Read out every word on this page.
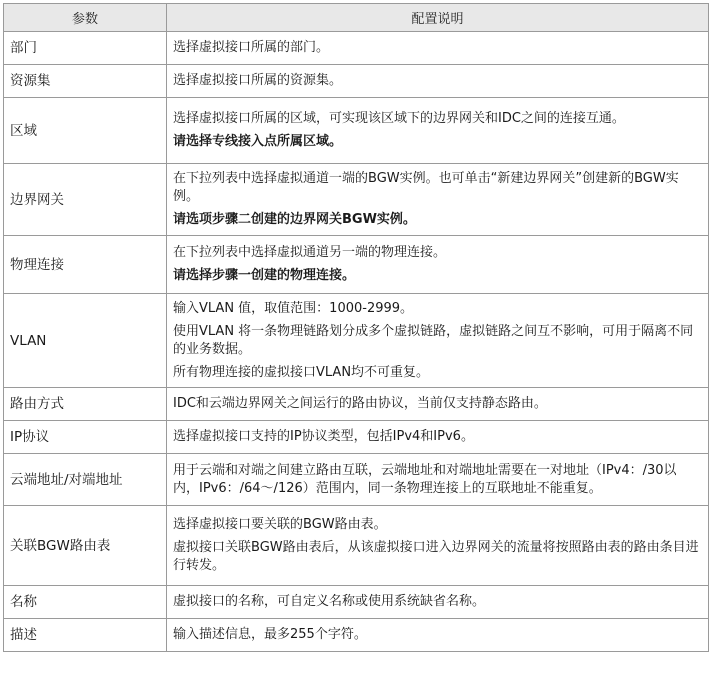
参数	配置说明
部门	选择虚拟接口所属的部门。

资源集	选择虚拟接口所属的资源集。

区域	选择虚拟接口所属的区域，可实现该区域下的边界网关和IDC之间的连接互通。
请选择专线接入点所属区域。

边界网关	在下拉列表中选择虚拟通道一端的BGW实例。也可单击“新建边界网关”创建新的BGW实例。
请选项步骤二创建的边界网关BGW实例。

物理连接	在下拉列表中选择虚拟通道另一端的物理连接。
请选择步骤一创建的物理连接。

VLAN	输入VLAN 值，取值范围：1000-2999。
使用VLAN 将一条物理链路划分成多个虚拟链路，虚拟链路之间互不影响，可用于隔离不同的业务数据。
所有物理连接的虚拟接口VLAN均不可重复。

路由方式	IDC和云端边界网关之间运行的路由协议，当前仅支持静态路由。

IP协议	选择虚拟接口支持的IP协议类型，包括IPv4和IPv6。

云端地址/对端地址	用于云端和对端之间建立路由互联，云端地址和对端地址需要在一对地址（IPv4：/30以内，IPv6：/64～/126）范围内，同一条物理连接上的互联地址不能重复。

关联BGW路由表	选择虚拟接口要关联的BGW路由表。
虚拟接口关联BGW路由表后，从该虚拟接口进入边界网关的流量将按照路由表的路由条目进行转发。

名称	虚拟接口的名称，可自定义名称或使用系统缺省名称。

描述	输入描述信息，最多255个字符。
